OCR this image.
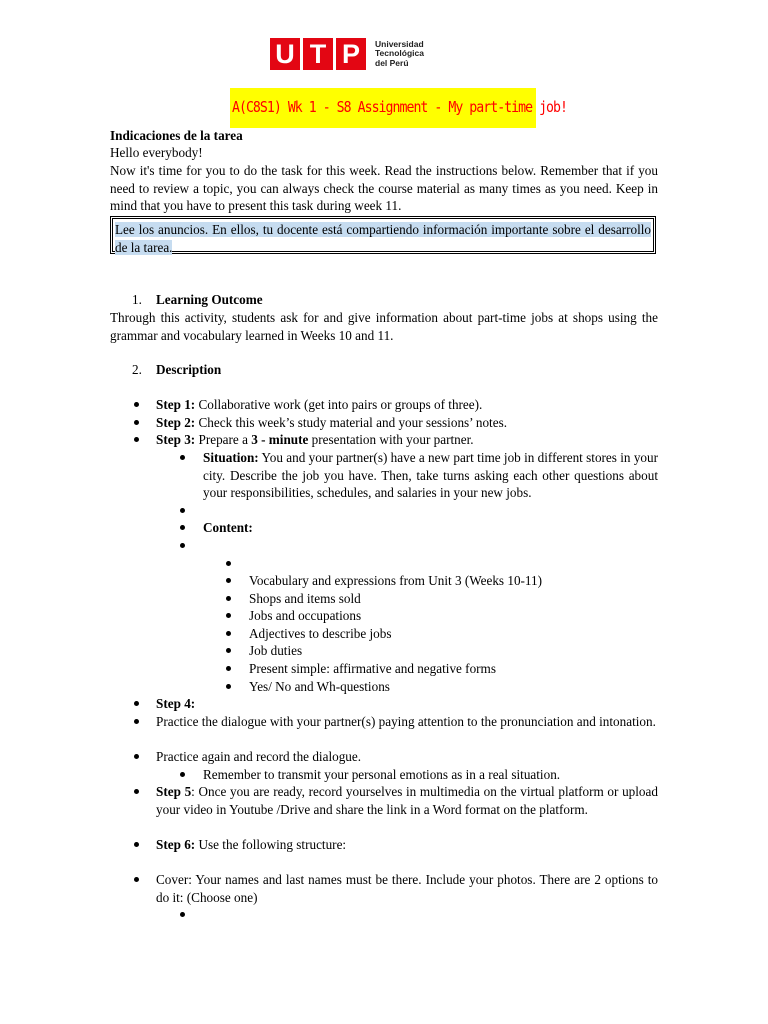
U T P	Universidad
Tecnológica
del Perú
A(C8S1) Wk 1 - S8 Assignment - My part-time job!
Indicaciones de la tarea
Hello everybody!
Now it's time for you to do the task for this week. Read the instructions below. Remember that if you need to review a topic, you can always check the course material as many times as you need. Keep in mind that you have to present this task during week 11.
Lee los anuncios. En ellos, tu docente está compartiendo información importante sobre el desarrollo de la tarea.
1. Learning Outcome
Through this activity, students ask for and give information about part-time jobs at shops using the grammar and vocabulary learned in Weeks 10 and 11.
2. Description
Step 1: Collaborative work (get into pairs or groups of three).
Step 2: Check this week’s study material and your sessions’ notes.
Step 3: Prepare a 3 - minute presentation with your partner.
Situation: You and your partner(s) have a new part time job in different stores in your city. Describe the job you have. Then, take turns asking each other questions about your responsibilities, schedules, and salaries in your new jobs.
Content:
Vocabulary and expressions from Unit 3 (Weeks 10-11)
Shops and items sold
Jobs and occupations
Adjectives to describe jobs
Job duties
Present simple: affirmative and negative forms
Yes/ No and Wh-questions
Step 4:
Practice the dialogue with your partner(s) paying attention to the pronunciation and intonation.
Practice again and record the dialogue.
Remember to transmit your personal emotions as in a real situation.
Step 5: Once you are ready, record yourselves in multimedia on the virtual platform or upload your video in Youtube /Drive and share the link in a Word format on the platform.
Step 6: Use the following structure:
Cover: Your names and last names must be there. Include your photos. There are 2 options to do it: (Choose one)
